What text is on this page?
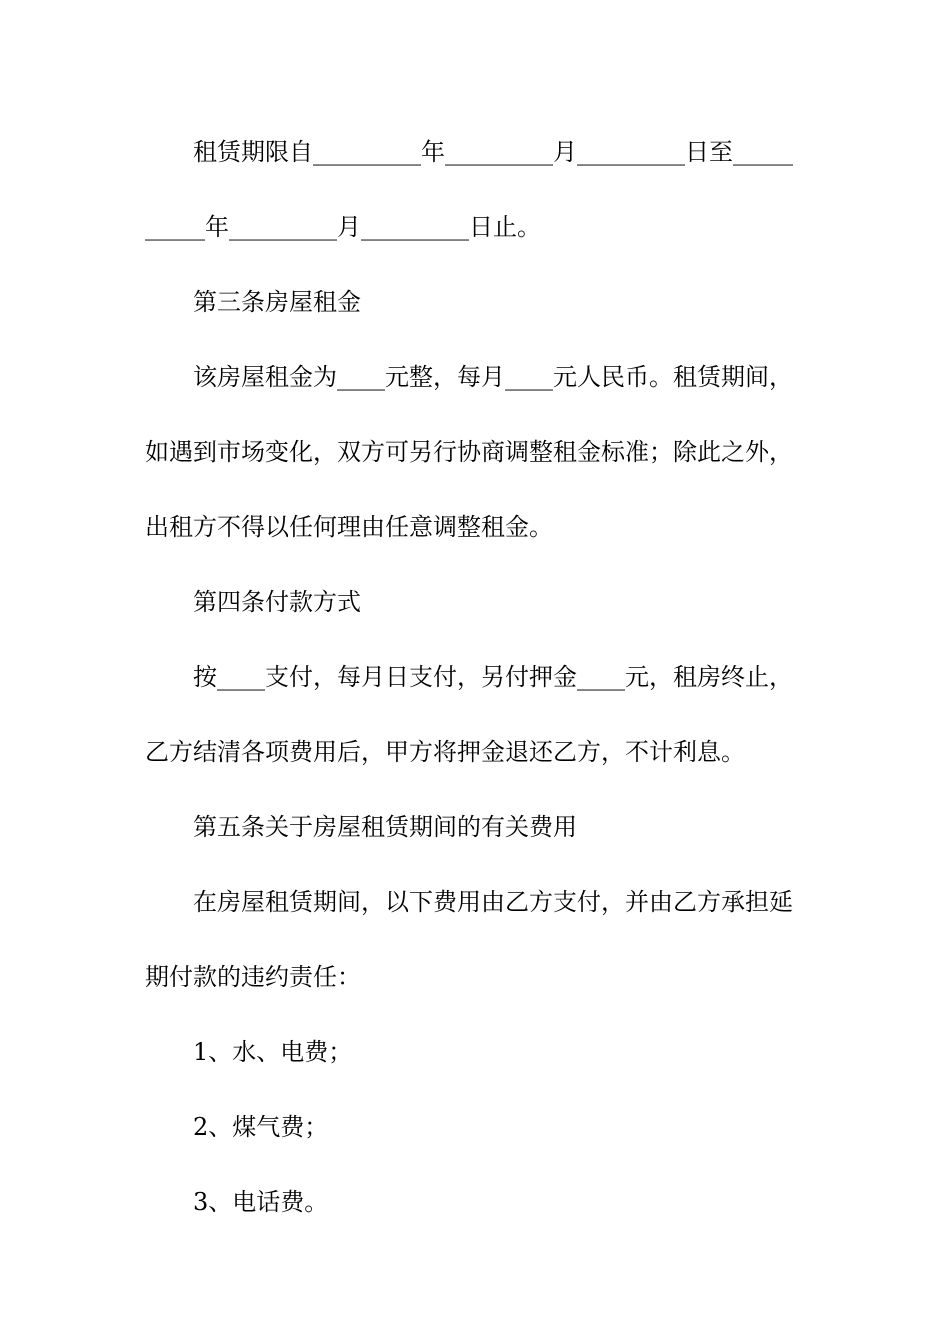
租赁期限自_________年_________月_________日至_____
_____年_________月_________日止。
第三条房屋租金
该房屋租金为____元整，每月____元人民币。租赁期间，
如遇到市场变化，双方可另行协商调整租金标准；除此之外，
出租方不得以任何理由任意调整租金。
第四条付款方式
按____支付，每月日支付，另付押金____元，租房终止，
乙方结清各项费用后，甲方将押金退还乙方，不计利息。
第五条关于房屋租赁期间的有关费用
在房屋租赁期间，以下费用由乙方支付，并由乙方承担延
期付款的违约责任：
1、水、电费；
2、煤气费；
3、电话费。
